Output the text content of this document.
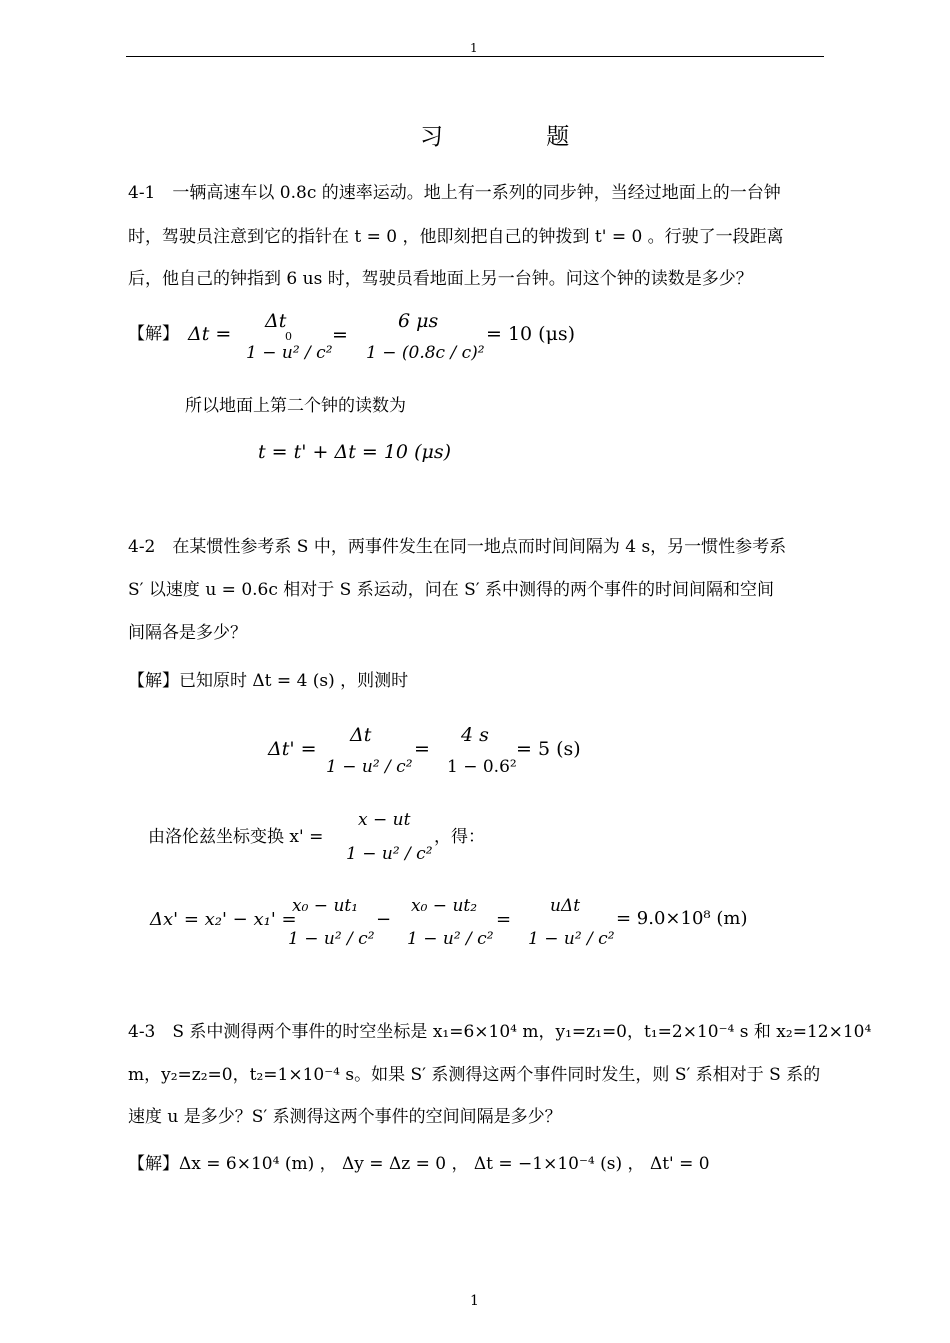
1
习 题
4-1　一辆高速车以 0.8c 的速率运动。地上有一系列的同步钟，当经过地面上的一台钟
时，驾驶员注意到它的指针在 t = 0 ，他即刻把自己的钟拨到 t' = 0 。行驶了一段距离
后，他自己的钟指到 6 us 时，驾驶员看地面上另一台钟。问这个钟的读数是多少？
【解】 Δt =
Δt
0
1 − u² / c²
=
6 μs
1 − (0.8c / c)²
= 10 (μs)
所以地面上第二个钟的读数为
t = t' + Δt = 10 (μs)
4-2　在某惯性参考系 S 中，两事件发生在同一地点而时间间隔为 4 s，另一惯性参考系
S′ 以速度 u = 0.6c 相对于 S 系运动，问在 S′ 系中测得的两个事件的时间间隔和空间
间隔各是多少？
【解】已知原时 Δt = 4 (s) ，则测时
Δt' =
Δt
1 − u² / c²
=
4 s
1 − 0.6²
= 5 (s)
由洛伦兹坐标变换 x' =
x − ut
1 − u² / c²
，得：
Δx' = x₂' − x₁' =
x₀ − ut₁
1 − u² / c²
−
x₀ − ut₂
1 − u² / c²
=
uΔt
1 − u² / c²
= 9.0×10⁸ (m)
4-3　S 系中测得两个事件的时空坐标是 x₁=6×10⁴ m，y₁=z₁=0，t₁=2×10⁻⁴ s 和 x₂=12×10⁴
m，y₂=z₂=0，t₂=1×10⁻⁴ s。如果 S′ 系测得这两个事件同时发生，则 S′ 系相对于 S 系的
速度 u 是多少？S′ 系测得这两个事件的空间间隔是多少？
【解】Δx = 6×10⁴ (m) ， Δy = Δz = 0 ， Δt = −1×10⁻⁴ (s) ， Δt' = 0
1
